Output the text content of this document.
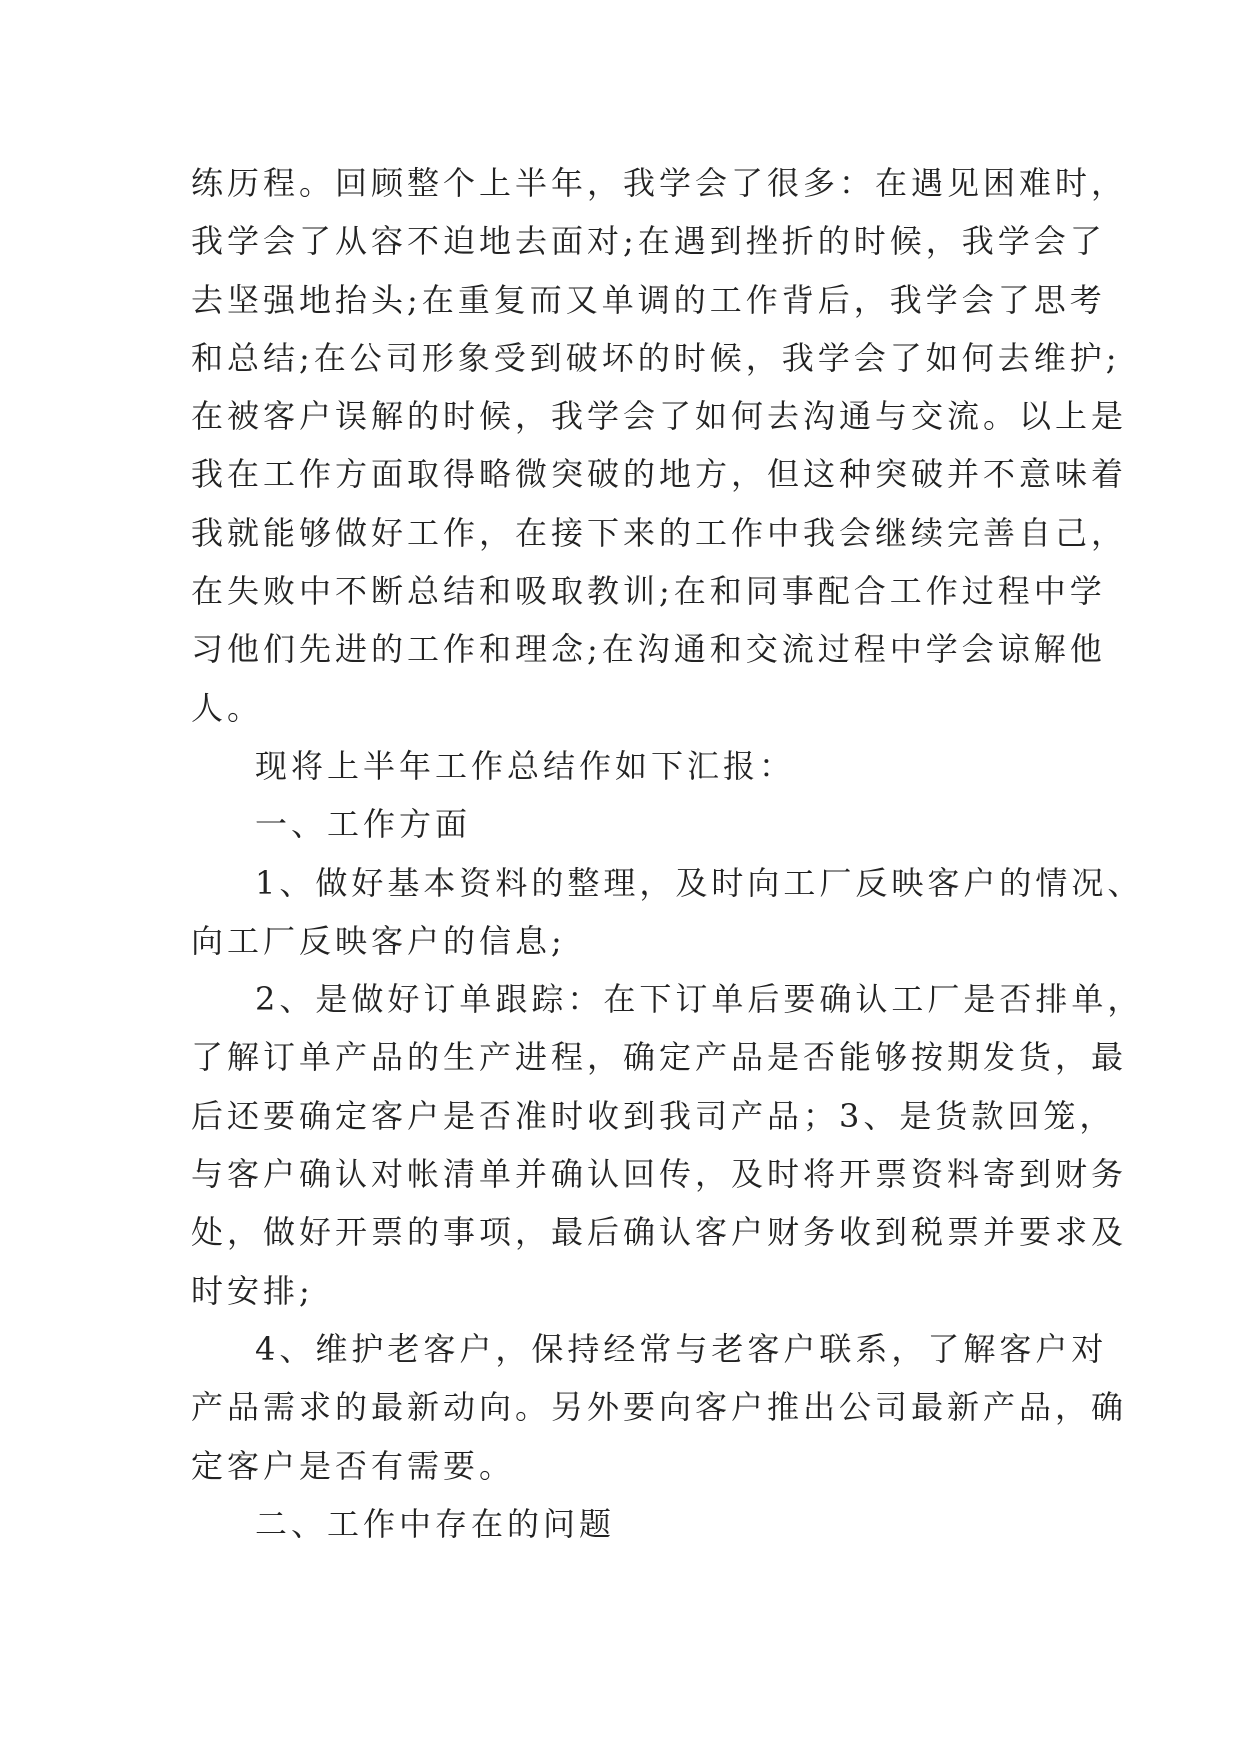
练历程。回顾整个上半年，我学会了很多：在遇见困难时，
我学会了从容不迫地去面对;在遇到挫折的时候，我学会了
去坚强地抬头;在重复而又单调的工作背后，我学会了思考
和总结;在公司形象受到破坏的时候，我学会了如何去维护;
在被客户误解的时候，我学会了如何去沟通与交流。以上是
我在工作方面取得略微突破的地方，但这种突破并不意味着
我就能够做好工作，在接下来的工作中我会继续完善自己，
在失败中不断总结和吸取教训;在和同事配合工作过程中学
习他们先进的工作和理念;在沟通和交流过程中学会谅解他
人。
现将上半年工作总结作如下汇报：
一、工作方面
1、做好基本资料的整理，及时向工厂反映客户的情况、
向工厂反映客户的信息;
2、是做好订单跟踪：在下订单后要确认工厂是否排单，
了解订单产品的生产进程，确定产品是否能够按期发货，最
后还要确定客户是否准时收到我司产品；3、是货款回笼，
与客户确认对帐清单并确认回传，及时将开票资料寄到财务
处，做好开票的事项，最后确认客户财务收到税票并要求及
时安排;
4、维护老客户，保持经常与老客户联系，了解客户对
产品需求的最新动向。另外要向客户推出公司最新产品，确
定客户是否有需要。
二、工作中存在的问题
